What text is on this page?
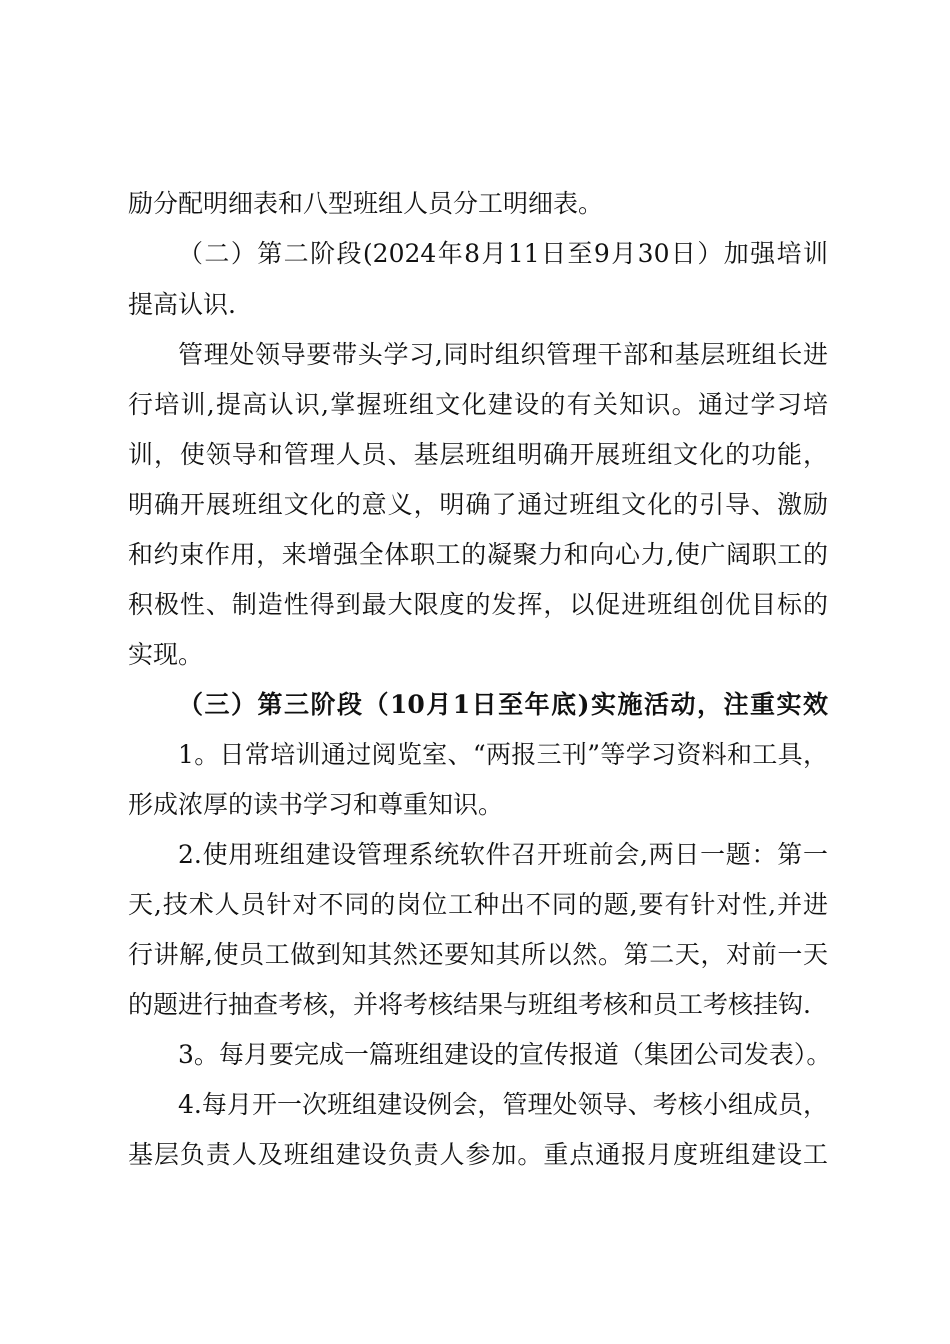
励分配明细表和八型班组人员分工明细表。
（二）第二阶段(2024年8月11日至9月30日）加强培训
提高认识.
管理处领导要带头学习,同时组织管理干部和基层班组长进
行培训,提高认识,掌握班组文化建设的有关知识。通过学习培
训，使领导和管理人员、基层班组明确开展班组文化的功能，
明确开展班组文化的意义，明确了通过班组文化的引导、激励
和约束作用，来增强全体职工的凝聚力和向心力,使广阔职工的
积极性、制造性得到最大限度的发挥，以促进班组创优目标的
实现。
（三）第三阶段（10月1日至年底)实施活动，注重实效
1。日常培训通过阅览室、“两报三刊”等学习资料和工具，
形成浓厚的读书学习和尊重知识。
2.使用班组建设管理系统软件召开班前会,两日一题：第一
天,技术人员针对不同的岗位工种出不同的题,要有针对性,并进
行讲解,使员工做到知其然还要知其所以然。第二天，对前一天
的题进行抽查考核，并将考核结果与班组考核和员工考核挂钩.
3。每月要完成一篇班组建设的宣传报道（集团公司发表）。
4.每月开一次班组建设例会，管理处领导、考核小组成员，
基层负责人及班组建设负责人参加。重点通报月度班组建设工
